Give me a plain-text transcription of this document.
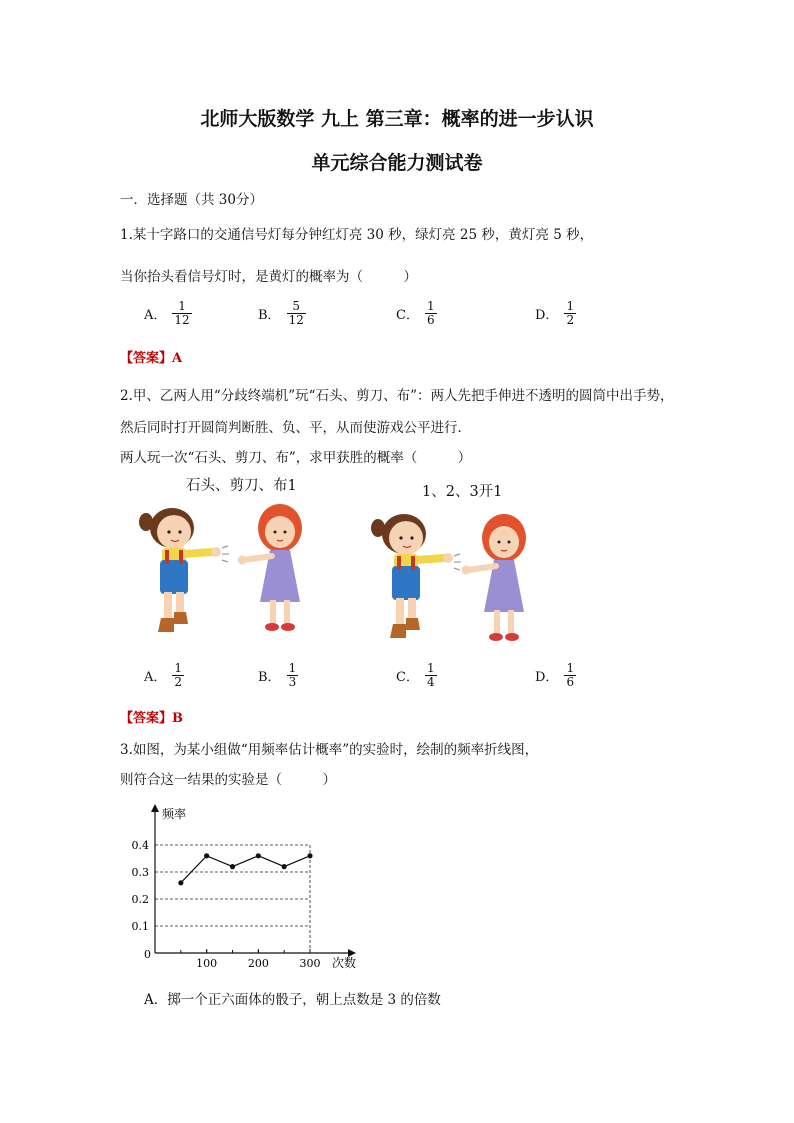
北师大版数学 九上 第三章：概率的进一步认识
单元综合能力测试卷
一．选择题（共 30分）
1.某十字路口的交通信号灯每分钟红灯亮 30 秒，绿灯亮 25 秒，黄灯亮 5 秒，
当你抬头看信号灯时，是黄灯的概率为（　　　）
A． $\frac{1}{12}$	B． $\frac{5}{12}$	C． $\frac{1}{6}$	D． $\frac{1}{2}$
【答案】A
2.甲、乙两人用“分歧终端机”玩“石头、剪刀、布”：两人先把手伸进不透明的圆筒中出手势，
然后同时打开圆筒判断胜、负、平，从而使游戏公平进行．
两人玩一次“石头、剪刀、布”，求甲获胜的概率（　　　）
石头、剪刀、布1	1、2、3开1
A． $\frac{1}{2}$	B． $\frac{1}{3}$	C． $\frac{1}{4}$	D． $\frac{1}{6}$
【答案】B
3.如图，为某小组做“用频率估计概率”的实验时，绘制的频率折线图，
则符合这一结果的实验是（　　　）
频率
次数
0
0.1
0.2
0.3
0.4
100	200	300
A．掷一个正六面体的骰子，朝上点数是 3 的倍数
